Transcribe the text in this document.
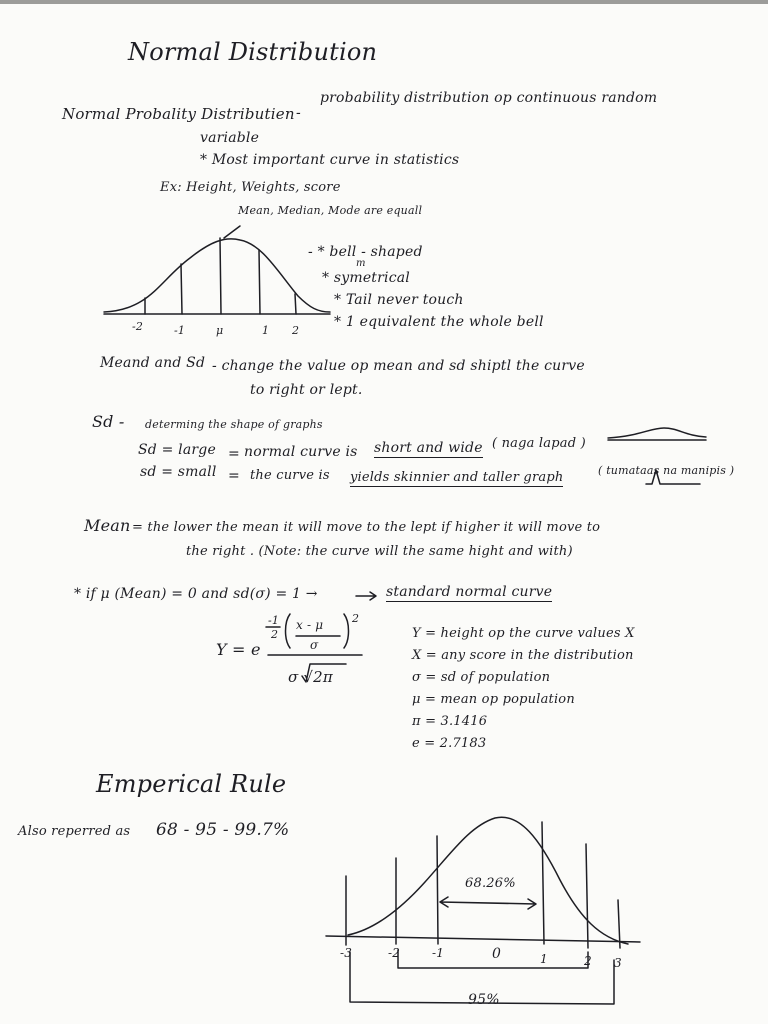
Normal Distribution
Normal Probality Distributien -
probability distribution op continuous random
variable
* Most important curve in statistics
Ex: Height, Weights, score
Mean, Median, Mode are equall
- * bell - shaped
* symetrical
m
* Tail never touch
* 1 equivalent the whole bell
-2	-1	μ	1 2
Meand and Sd - change the value op mean and sd shiptl the curve
to right or lept.
Sd - determing the shape of graphs
Sd = large = normal curve is short and wide ( naga lapad )
sd = small = the curve is yields skinnier and taller graph	( tumataas na manipis )
Mean = the lower the mean it will move to the lept if higher it will move to
the right . (Note: the curve will the same hight and with)
* if μ (Mean) = 0 and sd(σ) = 1 →	standard normal curve
Y = e
-1
2
x - μ
σ
2
σ √2π
Y = height op the curve values X
X = any score in the distribution
σ = sd of population
μ = mean op population
π = 3.1416
e = 2.7183
Emperical Rule
Also reperred as 68 - 95 - 99.7%
68.26%
95%
-3	-2	-1	0	1	2 3
